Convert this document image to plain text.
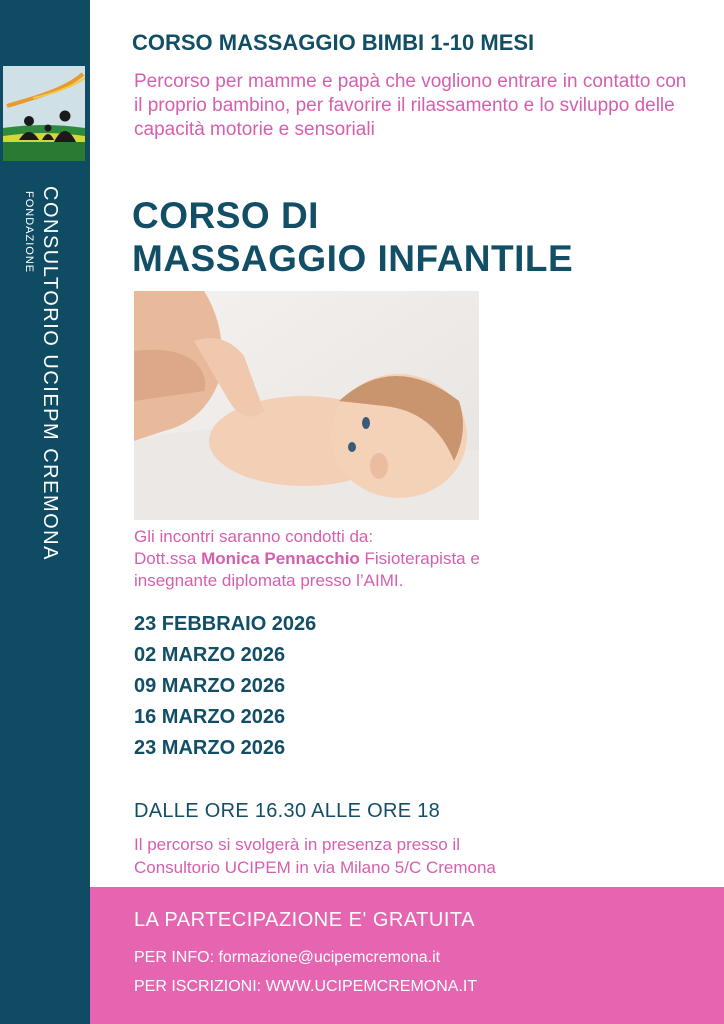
CONSULTORIO UCIEPM CREMONA
FONDAZIONE
CORSO MASSAGGIO BIMBI 1-10 MESI
Percorso per mamme e papà che vogliono entrare in contatto con il proprio bambino, per favorire il rilassamento e lo sviluppo delle capacità motorie e sensoriali
CORSO DI
MASSAGGIO INFANTILE
Gli incontri saranno condotti da:
Dott.ssa Monica Pennacchio Fisioterapista e
insegnante diplomata presso l’AIMI.
23 FEBBRAIO 2026
02 MARZO 2026
09 MARZO 2026
16 MARZO 2026
23 MARZO 2026
DALLE ORE 16.30 ALLE ORE 18
Il percorso si svolgerà in presenza presso il
Consultorio UCIPEM in via Milano 5/C Cremona
LA PARTECIPAZIONE E' GRATUITA
PER INFO: formazione@ucipemcremona.it
PER ISCRIZIONI: WWW.UCIPEMCREMONA.IT
